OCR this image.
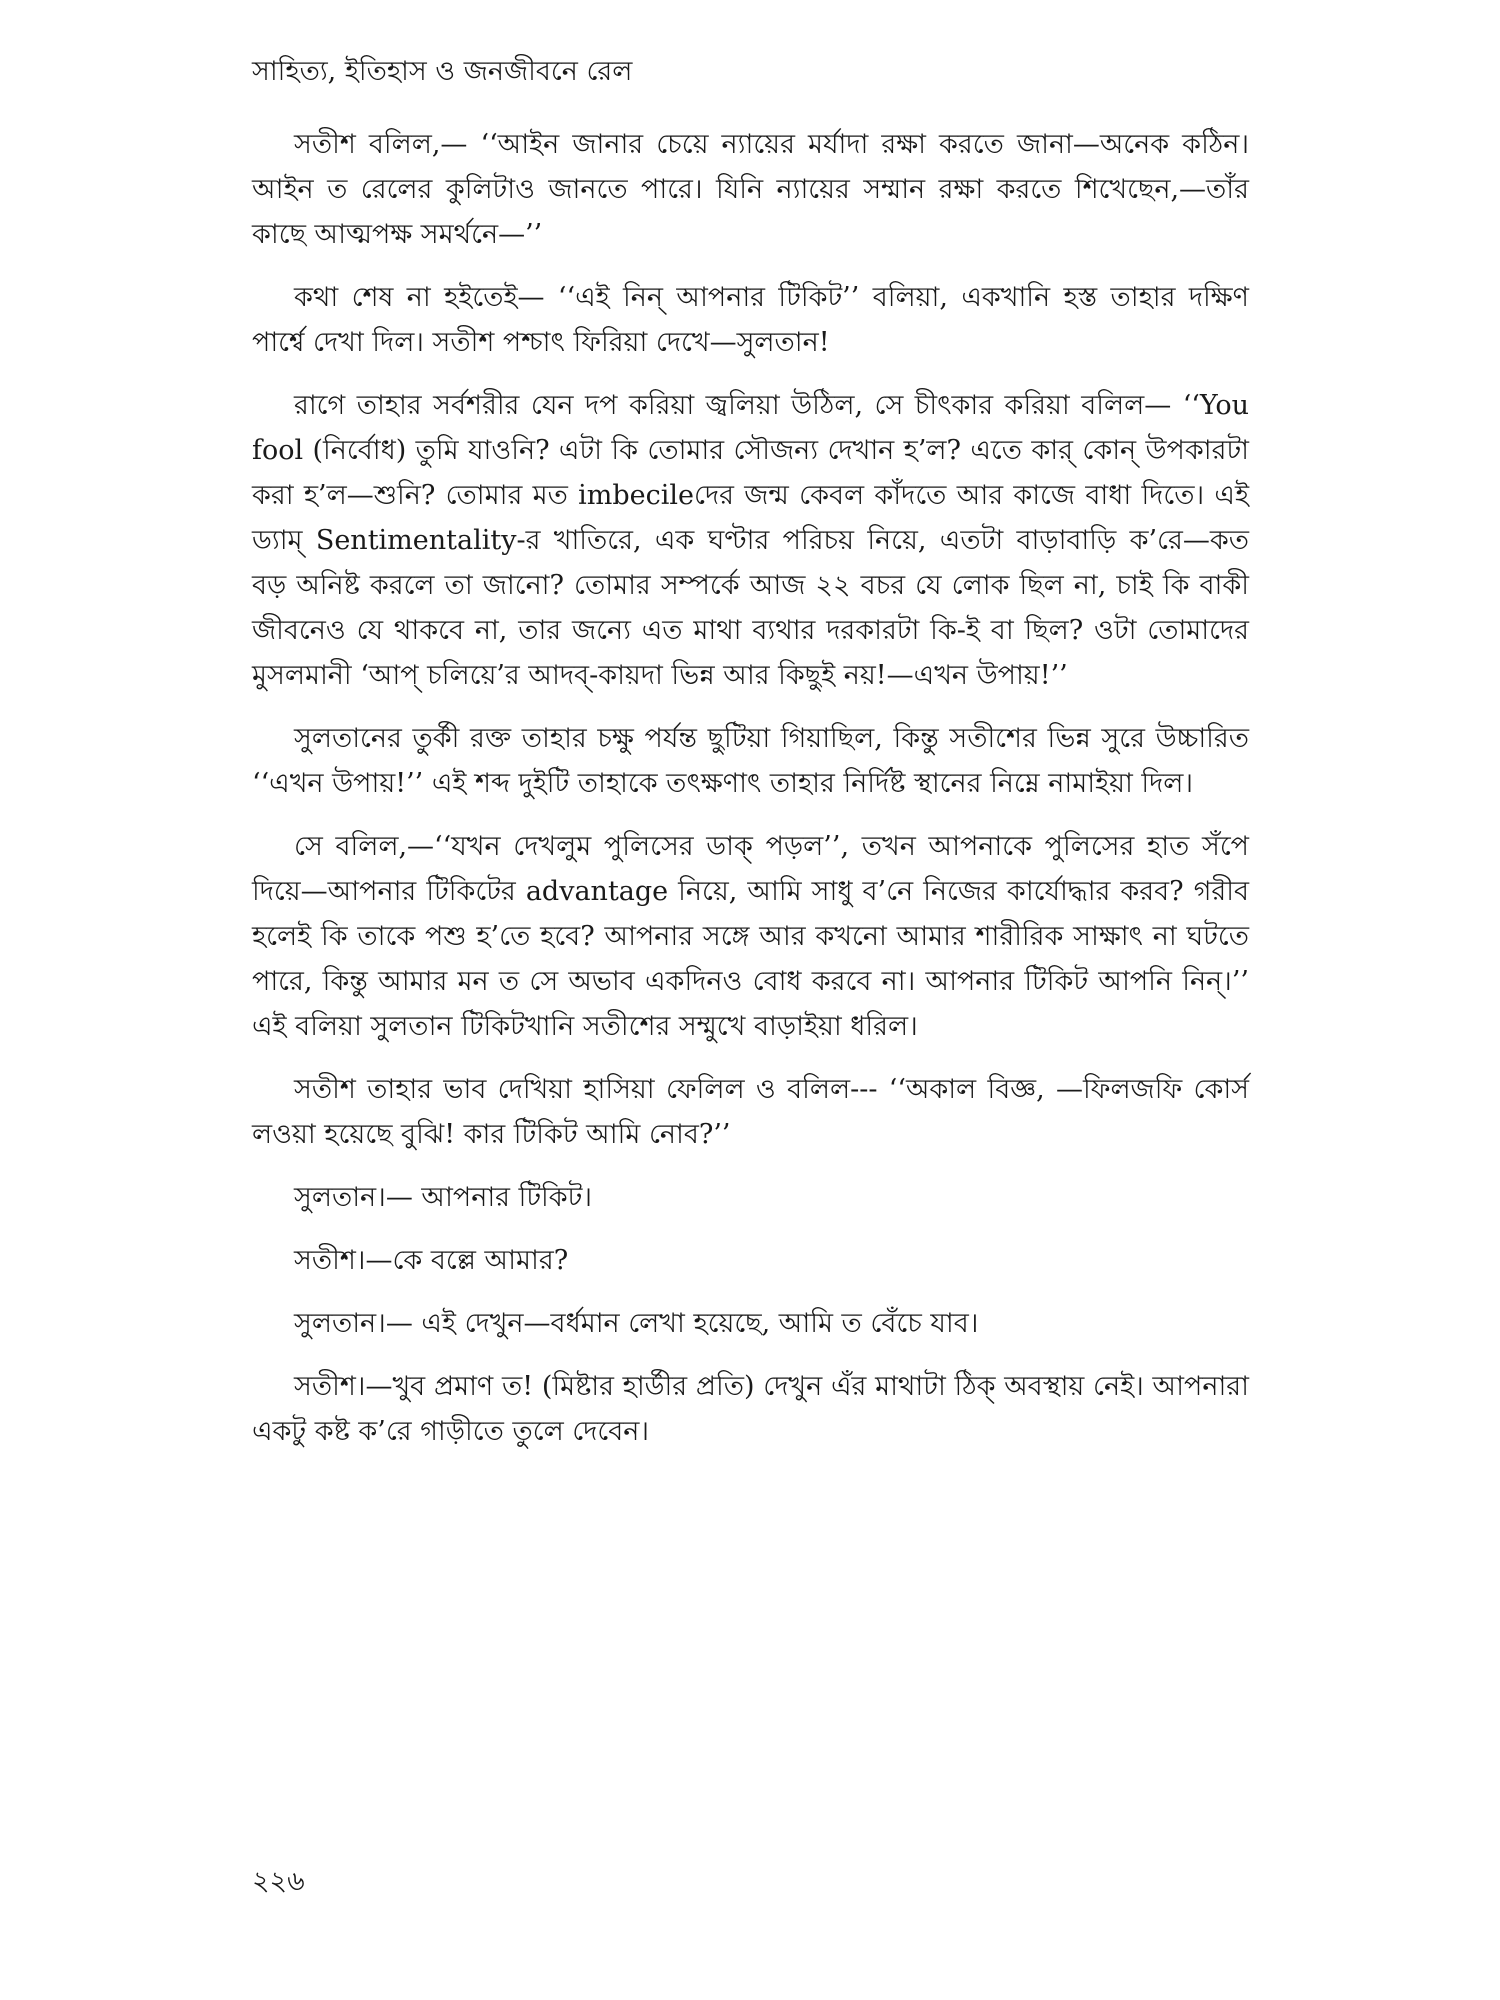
সাহিত্য, ইতিহাস ও জনজীবনে রেল

সতীশ বলিল,— ‘‘আইন জানার চেয়ে ন্যায়ের মর্যাদা রক্ষা করতে জানা—অনেক কঠিন। আইন ত রেলের কুলিটাও জানতে পারে। যিনি ন্যায়ের সম্মান রক্ষা করতে শিখেছেন,—তাঁর কাছে আত্মপক্ষ সমর্থনে—’’

কথা শেষ না হইতেই— ‘‘এই নিন্ আপনার টিকিট’’ বলিয়া, একখানি হস্ত তাহার দক্ষিণ পার্শ্বে দেখা দিল। সতীশ পশ্চাৎ ফিরিয়া দেখে—সুলতান!

রাগে তাহার সর্বশরীর যেন দপ করিয়া জ্বলিয়া উঠিল, সে চীৎকার করিয়া বলিল— ‘‘You fool (নির্বোধ) তুমি যাওনি? এটা কি তোমার সৌজন্য দেখান হ’ল? এতে কার্ কোন্ উপকারটা করা হ’ল—শুনি? তোমার মত imbecileদের জন্ম কেবল কাঁদতে আর কাজে বাধা দিতে। এই ড্যাম্ Sentimentality-র খাতিরে, এক ঘণ্টার পরিচয় নিয়ে, এতটা বাড়াবাড়ি ক’রে—কত বড় অনিষ্ট করলে তা জানো? তোমার সম্পর্কে আজ ২২ বচর যে লোক ছিল না, চাই কি বাকী জীবনেও যে থাকবে না, তার জন্যে এত মাথা ব্যথার দরকারটা কি-ই বা ছিল? ওটা তোমাদের মুসলমানী ‘আপ্ চলিয়ে’র আদব্-কায়দা ভিন্ন আর কিছুই নয়!—এখন উপায়!’’

সুলতানের তুর্কী রক্ত তাহার চক্ষু পর্যন্ত ছুটিয়া গিয়াছিল, কিন্তু সতীশের ভিন্ন সুরে উচ্চারিত ‘‘এখন উপায়!’’ এই শব্দ দুইটি তাহাকে তৎক্ষণাৎ তাহার নির্দিষ্ট স্থানের নিম্নে নামাইয়া দিল।

সে বলিল,—‘‘যখন দেখলুম পুলিসের ডাক্ পড়ল’’, তখন আপনাকে পুলিসের হাত সঁপে দিয়ে—আপনার টিকিটের advantage নিয়ে, আমি সাধু ব’নে নিজের কার্যোদ্ধার করব? গরীব হলেই কি তাকে পশু হ’তে হবে? আপনার সঙ্গে আর কখনো আমার শারীরিক সাক্ষাৎ না ঘটতে পারে, কিন্তু আমার মন ত সে অভাব একদিনও বোধ করবে না। আপনার টিকিট আপনি নিন্।’’ এই বলিয়া সুলতান টিকিটখানি সতীশের সম্মুখে বাড়াইয়া ধরিল।

সতীশ তাহার ভাব দেখিয়া হাসিয়া ফেলিল ও বলিল--- ‘‘অকাল বিজ্ঞ, —ফিলজফি কোর্স লওয়া হয়েছে বুঝি! কার টিকিট আমি নোব?’’

সুলতান।— আপনার টিকিট।

সতীশ।—কে বল্লে আমার?

সুলতান।— এই দেখুন—বর্ধমান লেখা হয়েছে, আমি ত বেঁচে যাব।

সতীশ।—খুব প্রমাণ ত! (মিষ্টার হার্ডীর প্রতি) দেখুন এঁর মাথাটা ঠিক্ অবস্থায় নেই। আপনারা একটু কষ্ট ক’রে গাড়ীতে তুলে দেবেন।

২২৬
